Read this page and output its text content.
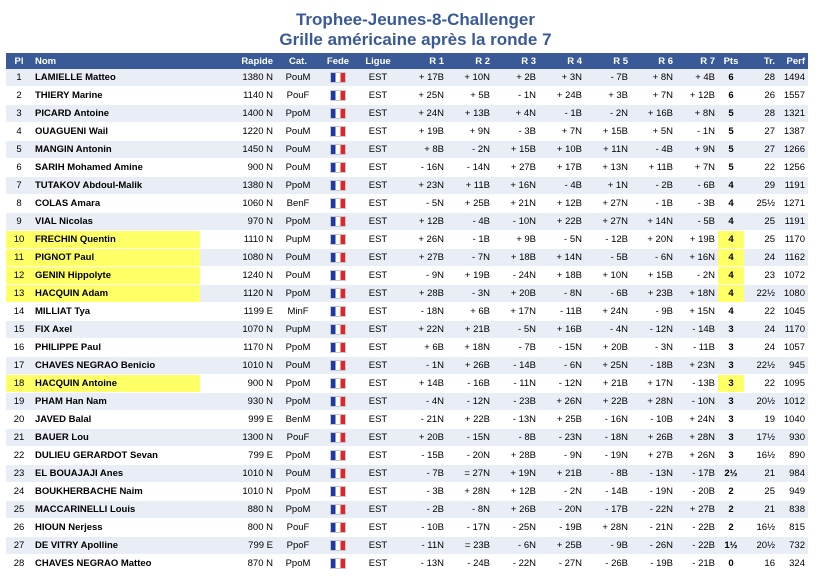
Trophee-Jeunes-8-Challenger
Grille américaine après la ronde 7
Pl	Nom	Rapide	Cat.	Fede	Ligue	R 1	R 2	R 3	R 4	R 5	R 6	R 7	Pts	Tr.	Perf
1	LAMIELLE Matteo	1380 N	PouM		EST	+ 17B	+ 10N	+ 2B	+ 3N	- 7B	+ 8N	+ 4B	6	28	1494
2	THIERY Marine	1140 N	PouF		EST	+ 25N	+ 5B	- 1N	+ 24B	+ 3B	+ 7N	+ 12B	6	26	1557
3	PICARD Antoine	1400 N	PpoM		EST	+ 24N	+ 13B	+ 4N	- 1B	- 2N	+ 16B	+ 8N	5	28	1321
4	OUAGUENI Wail	1220 N	PouM		EST	+ 19B	+ 9N	- 3B	+ 7N	+ 15B	+ 5N	- 1N	5	27	1387
5	MANGIN Antonin	1450 N	PouM		EST	+ 8B	- 2N	+ 15B	+ 10B	+ 11N	- 4B	+ 9N	5	27	1266
6	SARIH Mohamed Amine	900 N	PouM		EST	- 16N	- 14N	+ 27B	+ 17B	+ 13N	+ 11B	+ 7N	5	22	1256
7	TUTAKOV Abdoul-Malik	1380 N	PpoM		EST	+ 23N	+ 11B	+ 16N	- 4B	+ 1N	- 2B	- 6B	4	29	1191
8	COLAS Amara	1060 N	BenF		EST	- 5N	+ 25B	+ 21N	+ 12B	+ 27N	- 1B	- 3B	4	25½	1271
9	VIAL Nicolas	970 N	PpoM		EST	+ 12B	- 4B	- 10N	+ 22B	+ 27N	+ 14N	- 5B	4	25	1191
10	FRECHIN Quentin	1110 N	PupM		EST	+ 26N	- 1B	+ 9B	- 5N	- 12B	+ 20N	+ 19B	4	25	1170
11	PIGNOT Paul	1080 N	PouM		EST	+ 27B	- 7N	+ 18B	+ 14N	- 5B	- 6N	+ 16N	4	24	1162
12	GENIN Hippolyte	1240 N	PouM		EST	- 9N	+ 19B	- 24N	+ 18B	+ 10N	+ 15B	- 2N	4	23	1072
13	HACQUIN Adam	1120 N	PpoM		EST	+ 28B	- 3N	+ 20B	- 8N	- 6B	+ 23B	+ 18N	4	22½	1080
14	MILLIAT Tya	1199 E	MinF		EST	- 18N	+ 6B	+ 17N	- 11B	+ 24N	- 9B	+ 15N	4	22	1045
15	FIX Axel	1070 N	PupM		EST	+ 22N	+ 21B	- 5N	+ 16B	- 4N	- 12N	- 14B	3	24	1170
16	PHILIPPE Paul	1170 N	PpoM		EST	+ 6B	+ 18N	- 7B	- 15N	+ 20B	- 3N	- 11B	3	24	1057
17	CHAVES NEGRAO Benicio	1010 N	PouM		EST	- 1N	+ 26B	- 14B	- 6N	+ 25N	- 18B	+ 23N	3	22½	945
18	HACQUIN Antoine	900 N	PpoM		EST	+ 14B	- 16B	- 11N	- 12N	+ 21B	+ 17N	- 13B	3	22	1095
19	PHAM Han Nam	930 N	PpoM		EST	- 4N	- 12N	- 23B	+ 26N	+ 22B	+ 28N	- 10N	3	20½	1012
20	JAVED Balal	999 E	BenM		EST	- 21N	+ 22B	- 13N	+ 25B	- 16N	- 10B	+ 24N	3	19	1040
21	BAUER Lou	1300 N	PouF		EST	+ 20B	- 15N	- 8B	- 23N	- 18N	+ 26B	+ 28N	3	17½	930
22	DULIEU GERARDOT Sevan	799 E	PpoM		EST	- 15B	- 20N	+ 28B	- 9N	- 19N	+ 27B	+ 26N	3	16½	890
23	EL BOUAJAJI Anes	1010 N	PouM		EST	- 7B	= 27N	+ 19N	+ 21B	- 8B	- 13N	- 17B	2½	21	984
24	BOUKHERBACHE Naim	1010 N	PpoM		EST	- 3B	+ 28N	+ 12B	- 2N	- 14B	- 19N	- 20B	2	25	949
25	MACCARINELLI Louis	880 N	PpoM		EST	- 2B	- 8N	+ 26B	- 20N	- 17B	- 22N	+ 27B	2	21	838
26	HIOUN Nerjess	800 N	PouF		EST	- 10B	- 17N	- 25N	- 19B	+ 28N	- 21N	- 22B	2	16½	815
27	DE VITRY Apolline	799 E	PpoF		EST	- 11N	= 23B	- 6N	+ 25B	- 9B	- 26N	- 22B	1½	20½	732
28	CHAVES NEGRAO Matteo	870 N	PpoM		EST	- 13N	- 24B	- 22N	- 27N	- 26B	- 19B	- 21B	0	16	324
